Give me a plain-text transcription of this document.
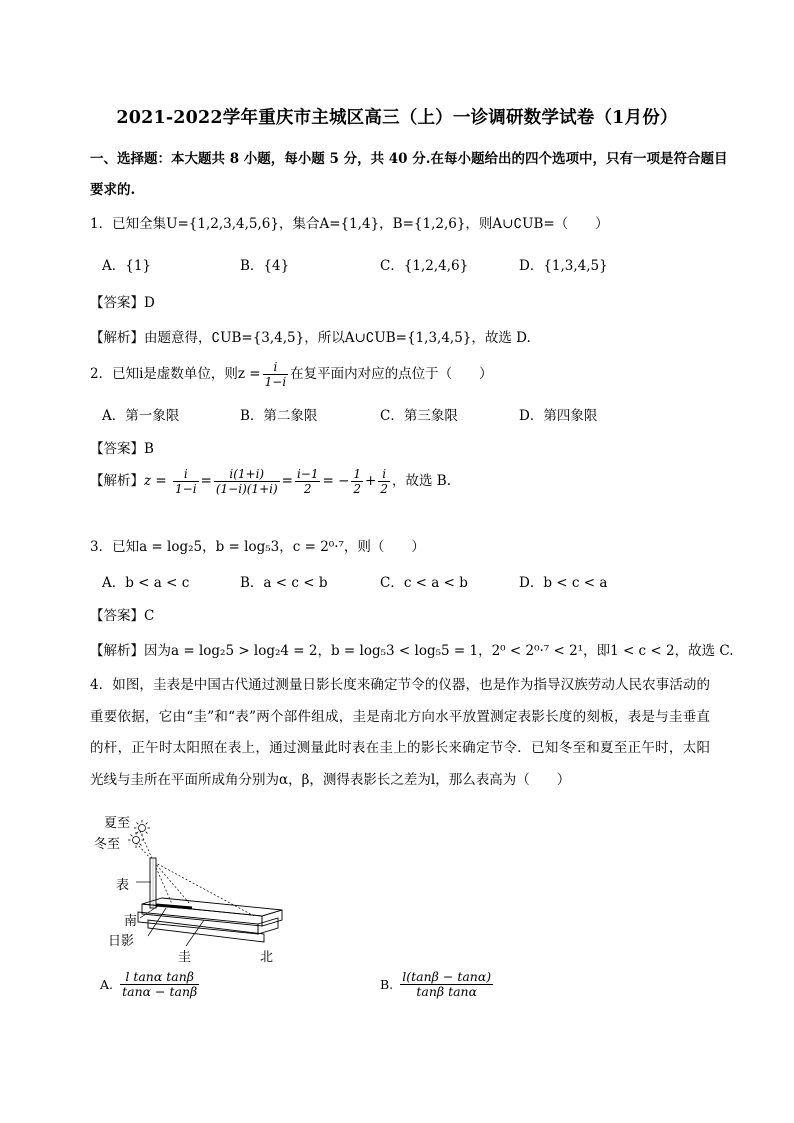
2021-2022学年重庆市主城区高三（上）一诊调研数学试卷（1月份）
一、选择题：本大题共 8 小题，每小题 5 分，共 40 分.在每小题给出的四个选项中，只有一项是符合题目
要求的.
1．已知全集U={1,2,3,4,5,6}，集合A={1,4}，B={1,2,6}，则A∪∁UB=（　　）
A．{1}	B．{4}	C．{1,2,4,6}	D．{1,3,4,5}
【答案】D
【解析】由题意得，∁UB={3,4,5}，所以A∪∁UB={1,3,4,5}，故选 D.
2．已知i是虚数单位，则$z = \frac{i}{1-i}$ 在复平面内对应的点位于（　　）
A．第一象限	B．第二象限	C．第三象限	D．第四象限
【答案】B
【解析】$z = \frac{i}{1-i} = \frac{i(1+i)}{(1-i)(1+i)} = \frac{i-1}{2}$ = − $\frac{1}{2} + \frac{i}{2}$ ，故选 B.
3．已知a = log₂5，b = log₅3，c = 2⁰·⁷，则（　　）
A．b < a < c	B．a < c < b	C．c < a < b	D．b < c < a
【答案】C
【解析】因为a = log₂5 > log₂4 = 2，b = log₅3 < log₅5 = 1，2⁰ < 2⁰·⁷ < 2¹，即1 < c < 2，故选 C.
4．如图，圭表是中国古代通过测量日影长度来确定节令的仪器，也是作为指导汉族劳动人民农事活动的重要依据，它由“圭”和“表”两个部件组成，圭是南北方向水平放置测定表影长度的刻板，表是与圭垂直的杆，正午时太阳照在表上，通过测量此时表在圭上的影长来确定节令．已知冬至和夏至正午时，太阳光线与圭所在平面所成角分别为α，β，测得表影长之差为l，那么表高为（　　）
夏至
冬至
表
南
日影
圭	北
A. $\frac{\text{l tanα tanβ}}{\tan\alpha - \tan\beta}$	B. $\frac{l(\tan\beta - \tan\alpha)}{\text{tanβ tanα}}$
